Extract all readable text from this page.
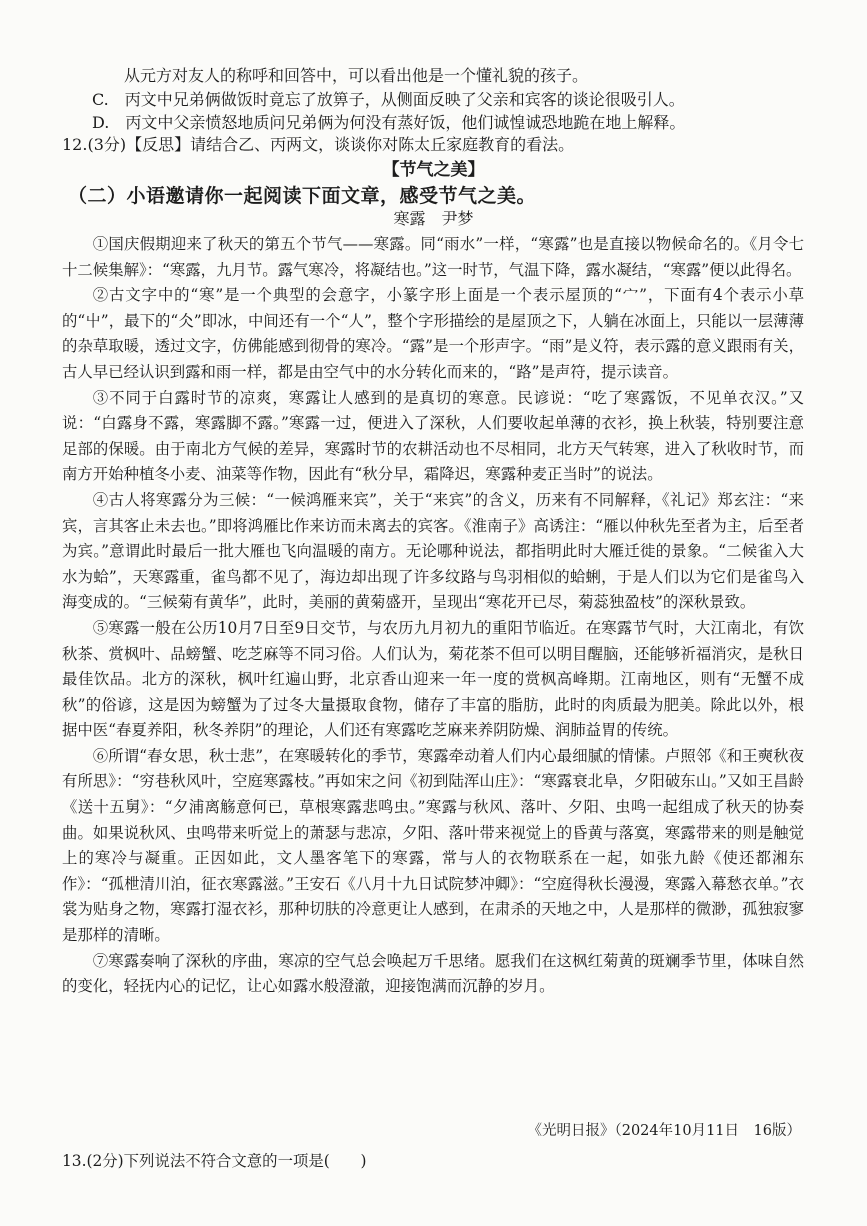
从元方对友人的称呼和回答中，可以看出他是一个懂礼貌的孩子。
C.　丙文中兄弟俩做饭时竟忘了放箅子，从侧面反映了父亲和宾客的谈论很吸引人。
D.　丙文中父亲愤怒地质问兄弟俩为何没有蒸好饭，他们诚惶诚恐地跪在地上解释。
12.(3分)【反思】请结合乙、丙两文，谈谈你对陈太丘家庭教育的看法。
【节气之美】
（二）小语邀请你一起阅读下面文章，感受节气之美。
寒露　尹梦

①国庆假期迎来了秋天的第五个节气——寒露。同“雨水”一样，“寒露”也是直接以物候命名的。《月令七十二候集解》：“寒露，九月节。露气寒冷，将凝结也。”这一时节，气温下降，露水凝结，“寒露”便以此得名。

②古文字中的“寒”是一个典型的会意字，小篆字形上面是一个表示屋顶的“宀”，下面有4个表示小草的“屮”，最下的“仌”即冰，中间还有一个“人”，整个字形描绘的是屋顶之下，人躺在冰面上，只能以一层薄薄的杂草取暖，透过文字，仿佛能感到彻骨的寒冷。“露”是一个形声字。“雨”是义符，表示露的意义跟雨有关，古人早已经认识到露和雨一样，都是由空气中的水分转化而来的，“路”是声符，提示读音。

③不同于白露时节的凉爽，寒露让人感到的是真切的寒意。民谚说：“吃了寒露饭，不见单衣汉。”又说：“白露身不露，寒露脚不露。”寒露一过，便进入了深秋，人们要收起单薄的衣衫，换上秋装，特别要注意足部的保暖。由于南北方气候的差异，寒露时节的农耕活动也不尽相同，北方天气转寒，进入了秋收时节，而南方开始种植冬小麦、油菜等作物，因此有“秋分早，霜降迟，寒露种麦正当时”的说法。

④古人将寒露分为三候：“一候鸿雁来宾”，关于“来宾”的含义，历来有不同解释，《礼记》郑玄注：“来宾，言其客止未去也。”即将鸿雁比作来访而未离去的宾客。《淮南子》高诱注：“雁以仲秋先至者为主，后至者为宾。”意谓此时最后一批大雁也飞向温暖的南方。无论哪种说法，都指明此时大雁迁徙的景象。“二候雀入大水为蛤”，天寒露重，雀鸟都不见了，海边却出现了许多纹路与鸟羽相似的蛤蜊，于是人们以为它们是雀鸟入海变成的。“三候菊有黄华”，此时，美丽的黄菊盛开，呈现出“寒花开已尽，菊蕊独盈枝”的深秋景致。

⑤寒露一般在公历10月7日至9日交节，与农历九月初九的重阳节临近。在寒露节气时，大江南北，有饮秋茶、赏枫叶、品螃蟹、吃芝麻等不同习俗。人们认为，菊花茶不但可以明目醒脑，还能够祈福消灾，是秋日最佳饮品。北方的深秋，枫叶红遍山野，北京香山迎来一年一度的赏枫高峰期。江南地区，则有“无蟹不成秋”的俗谚，这是因为螃蟹为了过冬大量摄取食物，储存了丰富的脂肪，此时的肉质最为肥美。除此以外，根据中医“春夏养阳，秋冬养阴”的理论，人们还有寒露吃芝麻来养阴防燥、润肺益胃的传统。

⑥所谓“春女思，秋士悲”，在寒暖转化的季节，寒露牵动着人们内心最细腻的情愫。卢照邻《和王奭秋夜有所思》：“穷巷秋风叶，空庭寒露枝。”再如宋之问《初到陆浑山庄》：“寒露衰北阜，夕阳破东山。”又如王昌龄《送十五舅》：“夕浦离觞意何已，草根寒露悲鸣虫。”寒露与秋风、落叶、夕阳、虫鸣一起组成了秋天的协奏曲。如果说秋风、虫鸣带来听觉上的萧瑟与悲凉，夕阳、落叶带来视觉上的昏黄与落寞，寒露带来的则是触觉上的寒冷与凝重。正因如此，文人墨客笔下的寒露，常与人的衣物联系在一起，如张九龄《使还都湘东作》：“孤枻清川泊，征衣寒露滋。”王安石《八月十九日试院梦冲卿》：“空庭得秋长漫漫，寒露入幕愁衣单。”衣裳为贴身之物，寒露打湿衣衫，那种切肤的冷意更让人感到，在肃杀的天地之中，人是那样的微渺，孤独寂寥是那样的清晰。

⑦寒露奏响了深秋的序曲，寒凉的空气总会唤起万千思绪。愿我们在这枫红菊黄的斑斓季节里，体味自然的变化，轻抚内心的记忆，让心如露水般澄澈，迎接饱满而沉静的岁月。

《光明日报》（2024年10月11日　16版）
13.(2分)下列说法不符合文意的一项是(　　)
